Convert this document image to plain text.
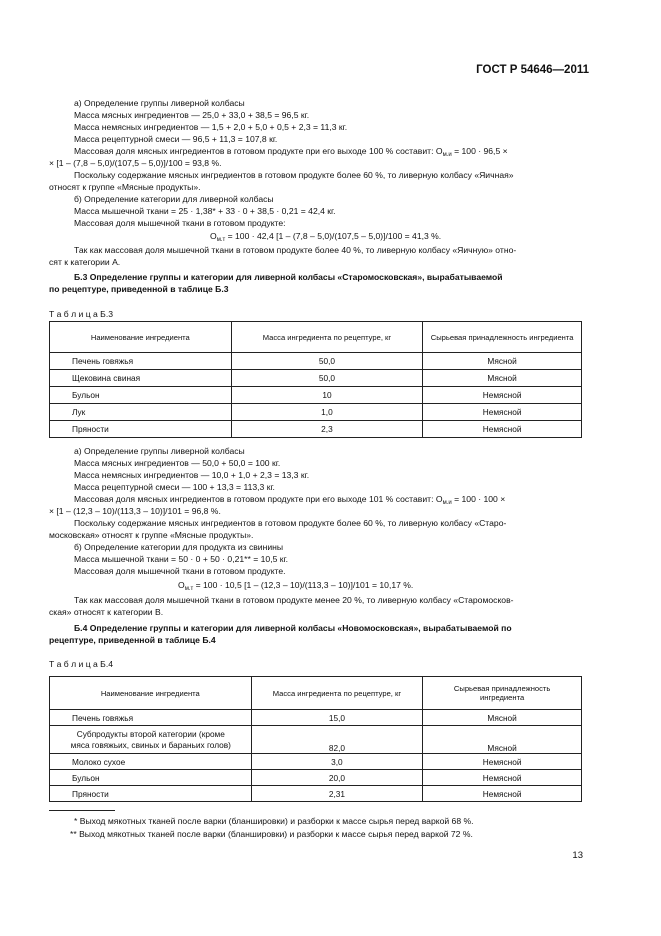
ГОСТ Р 54646—2011
а) Определение группы ливерной колбасы
Масса мясных ингредиентов — 25,0 + 33,0 + 38,5 = 96,5 кг.
Масса немясных ингредиентов — 1,5 + 2,0 + 5,0 + 0,5 + 2,3 = 11,3 кг.
Масса рецептурной смеси — 96,5 + 11,3 = 107,8 кг.
Массовая доля мясных ингредиентов в готовом продукте при его выходе 100 % составит: $О_{м.и} = 100 \cdot 96,5$ ×
× [1 – (7,8 – 5,0)/(107,5 – 5,0)]/100 = 93,8 %.
Поскольку содержание мясных ингредиентов в готовом продукте более 60 %, то ливерную колбасу «Яичная»
относят к группе «Мясные продукты».
б) Определение категории для ливерной колбасы
Масса мышечной ткани = 25 · 1,38* + 33 · 0 + 38,5 · 0,21 = 42,4 кг.
Массовая доля мышечной ткани в готовом продукте:
$О_{м.т} = 100 \cdot 42,4$ [1 – (7,8 – 5,0)/(107,5 – 5,0)]/100 = 41,3 %.
Так как массовая доля мышечной ткани в готовом продукте более 40 %, то ливерную колбасу «Яичную» отно-
сят к категории А.
Б.3 Определение группы и категории для ливерной колбасы «Старомосковская», вырабатываемой
по рецептуре, приведенной в таблице Б.3
Т а б л и ц а Б.3
Наименование ингредиента	Масса ингредиента по рецептуре, кг	Сырьевая принадлежность ингредиента
Печень говяжья	50,0	Мясной
Щековина свиная	50,0	Мясной
Бульон	10	Немясной
Лук	1,0	Немясной
Пряности	2,3	Немясной
а) Определение группы ливерной колбасы
Масса мясных ингредиентов — 50,0 + 50,0 = 100 кг.
Масса немясных ингредиентов — 10,0 + 1,0 + 2,3 = 13,3 кг.
Масса рецептурной смеси — 100 + 13,3 = 113,3 кг.
Массовая доля мясных ингредиентов в готовом продукте при его выходе 101 % составит: $О_{м.и} = 100 \cdot 100$ ×
× [1 – (12,3 – 10)/(113,3 – 10)]/101 = 96,8 %.
Поскольку содержание мясных ингредиентов в готовом продукте более 60 %, то ливерную колбасу «Старо-
московская» относят к группе «Мясные продукты».
б) Определение категории для продукта из свинины
Масса мышечной ткани = 50 · 0 + 50 · 0,21** = 10,5 кг.
Массовая доля мышечной ткани в готовом продукте.
$О_{м.т} = 100 \cdot 10,5$ [1 – (12,3 – 10)/(113,3 – 10)]/101 = 10,17 %.
Так как массовая доля мышечной ткани в готовом продукте менее 20 %, то ливерную колбасу «Старомосков-
ская» относят к категории В.
Б.4 Определение группы и категории для ливерной колбасы «Новомосковская», вырабатываемой по
рецептуре, приведенной в таблице Б.4
Т а б л и ц а Б.4
Наименование ингредиента	Масса ингредиента по рецептуре, кг	Сырьевая принадлежность
ингредиента

Печень говяжья	15,0	Мясной

Субпродукты второй категории (кроме
мяса говяжьих, свиных и бараньих голов)	82,0	Мясной
Молоко сухое	3,0	Немясной
Бульон	20,0	Немясной
Пряности	2,31	Немясной
* Выход мякотных тканей после варки (бланшировки) и разборки к массе сырья перед варкой 68 %.
** Выход мякотных тканей после варки (бланшировки) и разборки к массе сырья перед варкой 72 %.
13
